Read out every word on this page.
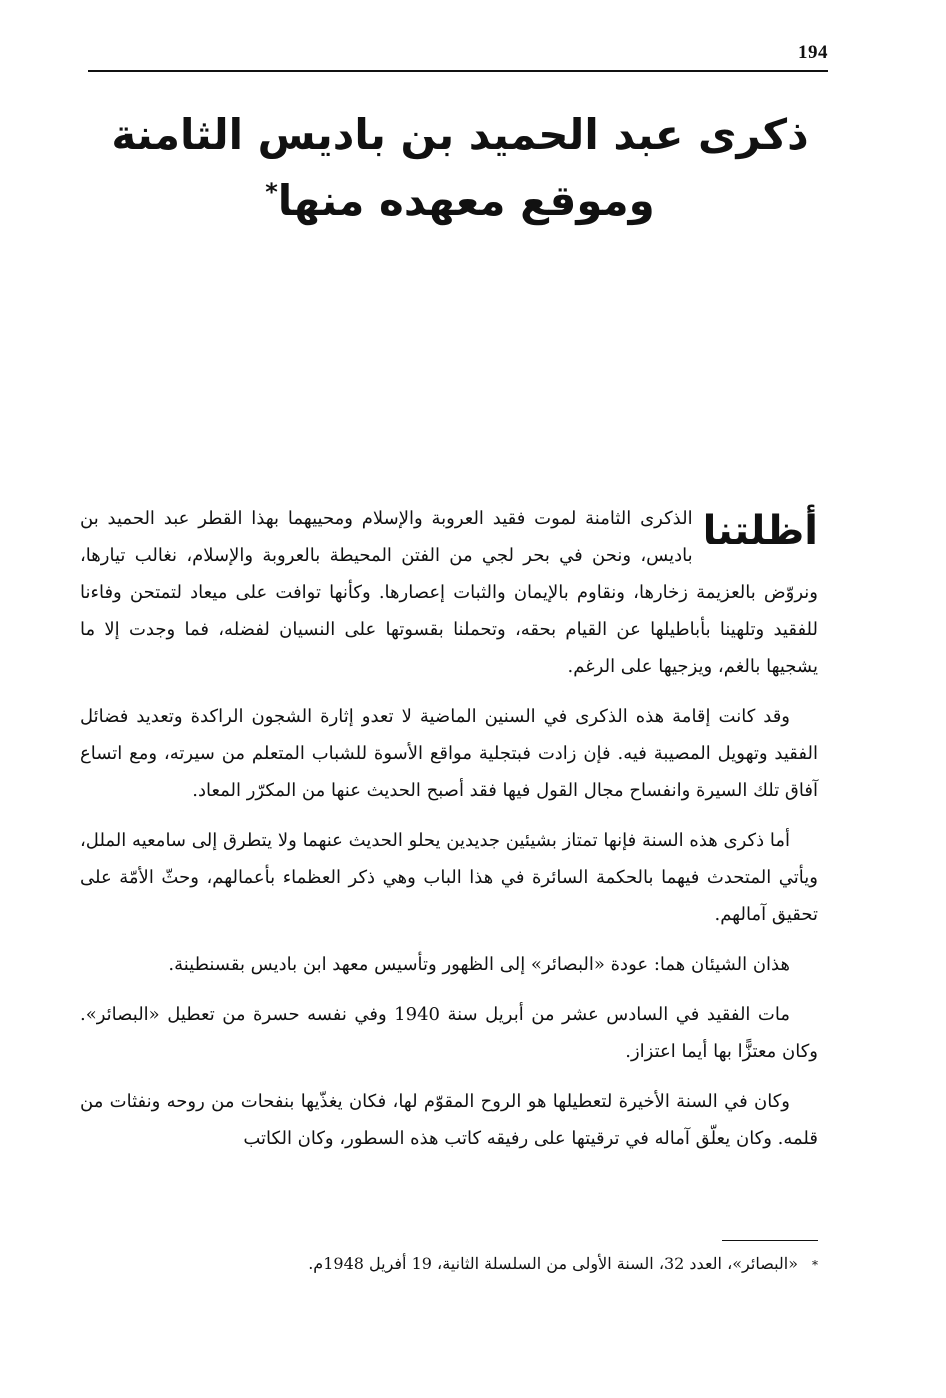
194
ذكرى عبد الحميد بن باديس الثامنة
وموقع معهده منها*

أظلتنا
الذكرى الثامنة لموت فقيد العروبة والإسلام ومحييهما بهذا القطر عبد الحميد بن باديس، ونحن في بحر لجي من الفتن المحيطة بالعروبة والإسلام، نغالب تيارها، ونروّض بالعزيمة زخارها، ونقاوم بالإيمان والثبات إعصارها. وكأنها توافت على ميعاد لتمتحن وفاءنا للفقيد وتلهينا بأباطيلها عن القيام بحقه، وتحملنا بقسوتها على النسيان لفضله، فما وجدت إلا ما يشجيها بالغم، ويزجيها على الرغم.

وقد كانت إقامة هذه الذكرى في السنين الماضية لا تعدو إثارة الشجون الراكدة وتعديد فضائل الفقيد وتهويل المصيبة فيه. فإن زادت فبتجلية مواقع الأسوة للشباب المتعلم من سيرته، ومع اتساع آفاق تلك السيرة وانفساح مجال القول فيها فقد أصبح الحديث عنها من المكرّر المعاد.

أما ذكرى هذه السنة فإنها تمتاز بشيئين جديدين يحلو الحديث عنهما ولا يتطرق إلى سامعيه الملل، ويأتي المتحدث فيهما بالحكمة السائرة في هذا الباب وهي ذكر العظماء بأعمالهم، وحثّ الأمّة على تحقيق آمالهم.

هذان الشيئان هما: عودة «البصائر» إلى الظهور وتأسيس معهد ابن باديس بقسنطينة.

مات الفقيد في السادس عشر من أبريل سنة 1940 وفي نفسه حسرة من تعطيل «البصائر». وكان معتزًّا بها أيما اعتزاز.

وكان في السنة الأخيرة لتعطيلها هو الروح المقوّم لها، فكان يغذّيها بنفحات من روحه ونفثات من قلمه. وكان يعلّق آماله في ترقيتها على رفيقه كاتب هذه السطور، وكان الكاتب

*«البصائر»، العدد 32، السنة الأولى من السلسلة الثانية، 19 أفريل 1948م.
